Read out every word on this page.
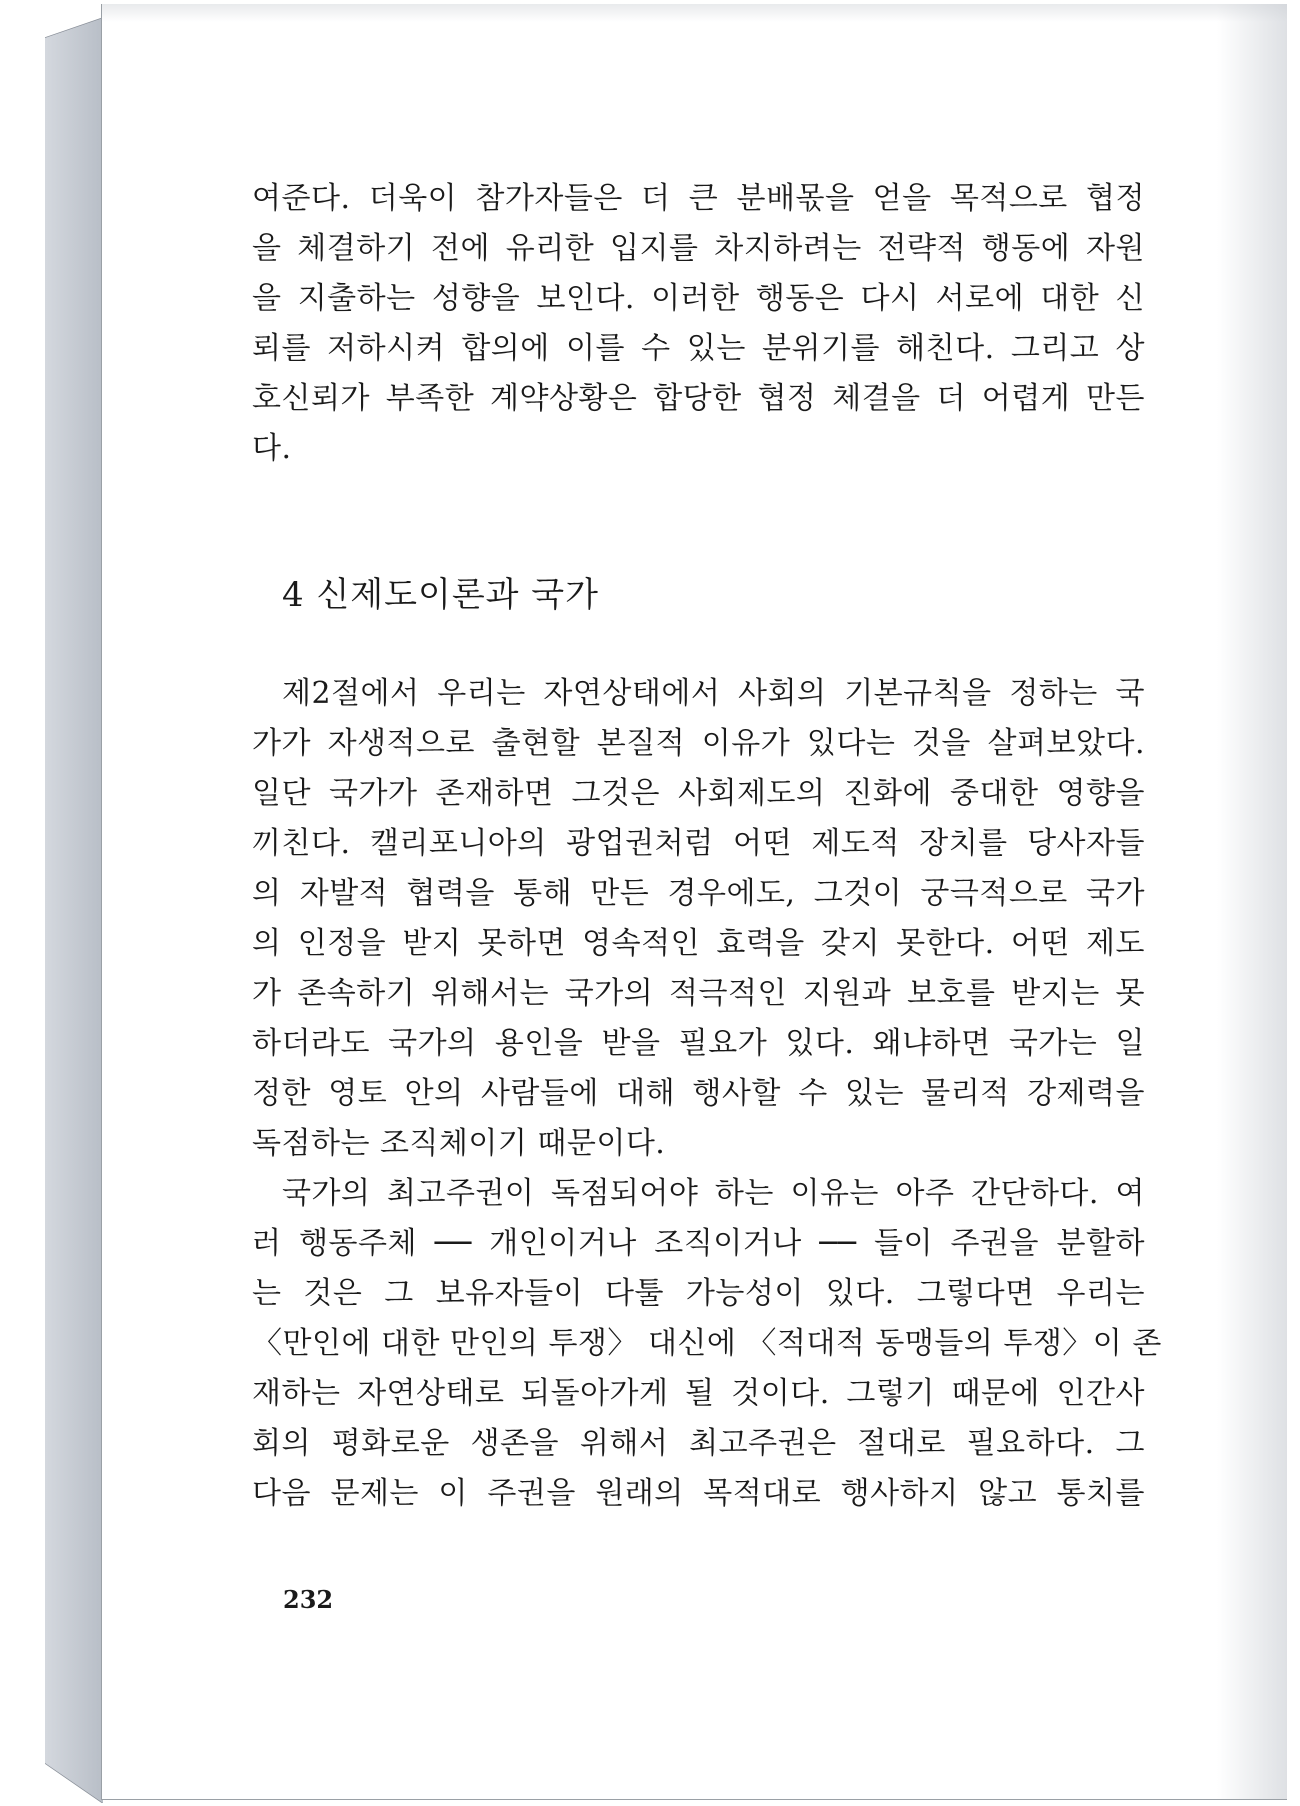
여준다. 더욱이 참가자들은 더 큰 분배몫을 얻을 목적으로 협정
을 체결하기 전에 유리한 입지를 차지하려는 전략적 행동에 자원
을 지출하는 성향을 보인다. 이러한 행동은 다시 서로에 대한 신
뢰를 저하시켜 합의에 이를 수 있는 분위기를 해친다. 그리고 상
호신뢰가 부족한 계약상황은 합당한 협정 체결을 더 어렵게 만든
다.
4 신제도이론과 국가
제2절에서 우리는 자연상태에서 사회의 기본규칙을 정하는 국
가가 자생적으로 출현할 본질적 이유가 있다는 것을 살펴보았다.
일단 국가가 존재하면 그것은 사회제도의 진화에 중대한 영향을
끼친다. 캘리포니아의 광업권처럼 어떤 제도적 장치를 당사자들
의 자발적 협력을 통해 만든 경우에도, 그것이 궁극적으로 국가
의 인정을 받지 못하면 영속적인 효력을 갖지 못한다. 어떤 제도
가 존속하기 위해서는 국가의 적극적인 지원과 보호를 받지는 못
하더라도 국가의 용인을 받을 필요가 있다. 왜냐하면 국가는 일
정한 영토 안의 사람들에 대해 행사할 수 있는 물리적 강제력을
독점하는 조직체이기 때문이다.
국가의 최고주권이 독점되어야 하는 이유는 아주 간단하다. 여
러 행동주체 ── 개인이거나 조직이거나 ── 들이 주권을 분할하
는 것은 그 보유자들이 다툴 가능성이 있다. 그렇다면 우리는
〈만인에 대한 만인의 투쟁〉 대신에 〈적대적 동맹들의 투쟁〉이 존
재하는 자연상태로 되돌아가게 될 것이다. 그렇기 때문에 인간사
회의 평화로운 생존을 위해서 최고주권은 절대로 필요하다. 그
다음 문제는 이 주권을 원래의 목적대로 행사하지 않고 통치를
232
